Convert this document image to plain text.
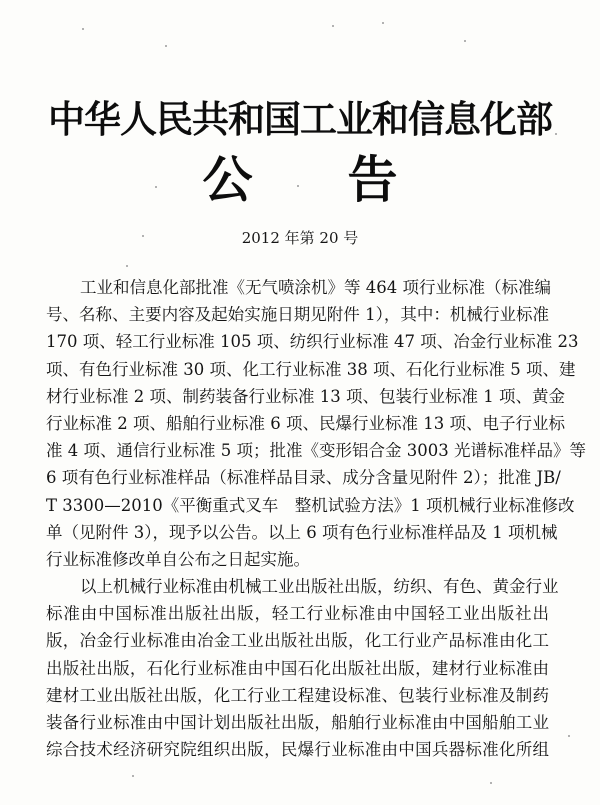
中华人民共和国工业和信息化部
公 告
2012 年第 20 号
工业和信息化部批准《无气喷涂机》等 464 项行业标准（标准编
号、名称、主要内容及起始实施日期见附件 1），其中：机械行业标准
170 项、轻工行业标准 105 项、纺织行业标准 47 项、冶金行业标准 23
项、有色行业标准 30 项、化工行业标准 38 项、石化行业标准 5 项、建
材行业标准 2 项、制药装备行业标准 13 项、包装行业标准 1 项、黄金
行业标准 2 项、船舶行业标准 6 项、民爆行业标准 13 项、电子行业标
准 4 项、通信行业标准 5 项；批准《变形铝合金 3003 光谱标准样品》等
6 项有色行业标准样品（标准样品目录、成分含量见附件 2）；批准 JB/
T 3300—2010《平衡重式叉车　整机试验方法》1 项机械行业标准修改
单（见附件 3），现予以公告。以上 6 项有色行业标准样品及 1 项机械
行业标准修改单自公布之日起实施。
以上机械行业标准由机械工业出版社出版，纺织、有色、黄金行业
标准由中国标准出版社出版，轻工行业标准由中国轻工业出版社出
版，冶金行业标准由冶金工业出版社出版，化工行业产品标准由化工
出版社出版，石化行业标准由中国石化出版社出版，建材行业标准由
建材工业出版社出版，化工行业工程建设标准、包装行业标准及制药
装备行业标准由中国计划出版社出版，船舶行业标准由中国船舶工业
综合技术经济研究院组织出版，民爆行业标准由中国兵器标准化所组
